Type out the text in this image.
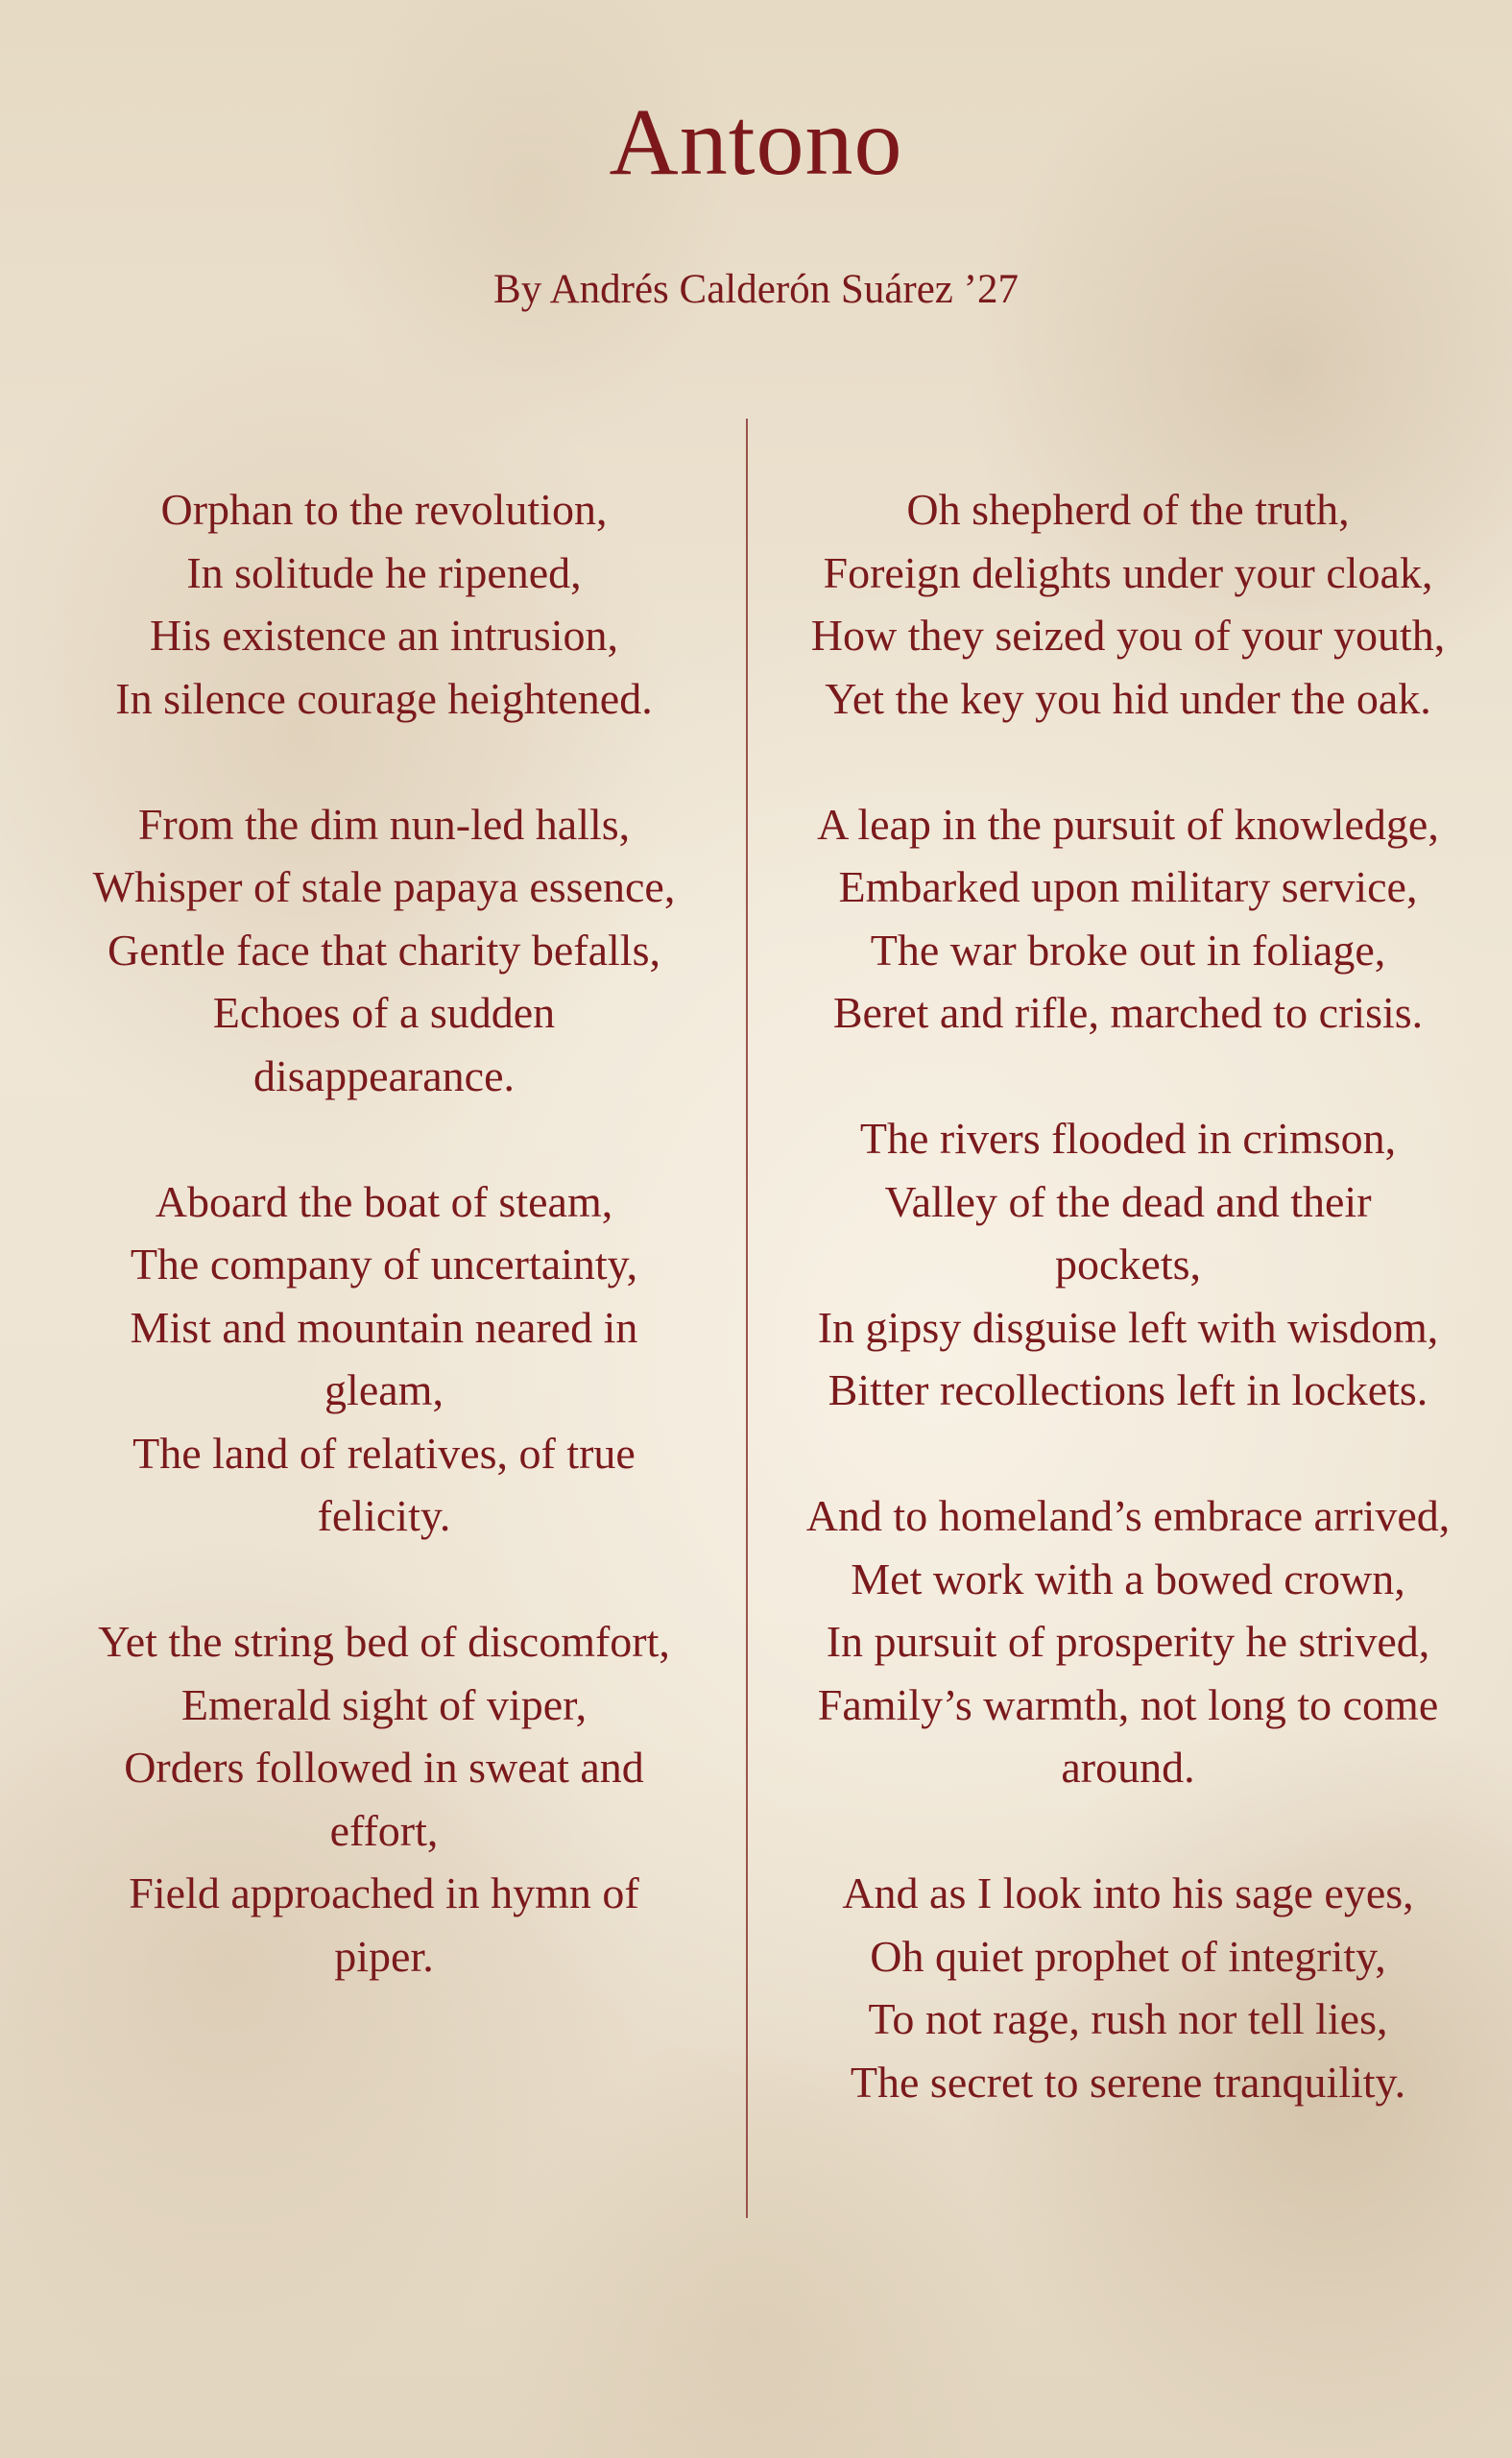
Antono
By Andrés Calderón Suárez ’27
Orphan to the revolution,
In solitude he ripened,
His existence an intrusion,
In silence courage heightened.
From the dim nun-led halls,
Whisper of stale papaya essence,
Gentle face that charity befalls,
Echoes of a sudden
disappearance.
Aboard the boat of steam,
The company of uncertainty,
Mist and mountain neared in
gleam,
The land of relatives, of true
felicity.
Yet the string bed of discomfort,
Emerald sight of viper,
Orders followed in sweat and
effort,
Field approached in hymn of
piper.
Oh shepherd of the truth,
Foreign delights under your cloak,
How they seized you of your youth,
Yet the key you hid under the oak.
A leap in the pursuit of knowledge,
Embarked upon military service,
The war broke out in foliage,
Beret and rifle, marched to crisis.
The rivers flooded in crimson,
Valley of the dead and their
pockets,
In gipsy disguise left with wisdom,
Bitter recollections left in lockets.
And to homeland’s embrace arrived,
Met work with a bowed crown,
In pursuit of prosperity he strived,
Family’s warmth, not long to come
around.
And as I look into his sage eyes,
Oh quiet prophet of integrity,
To not rage, rush nor tell lies,
The secret to serene tranquility.
